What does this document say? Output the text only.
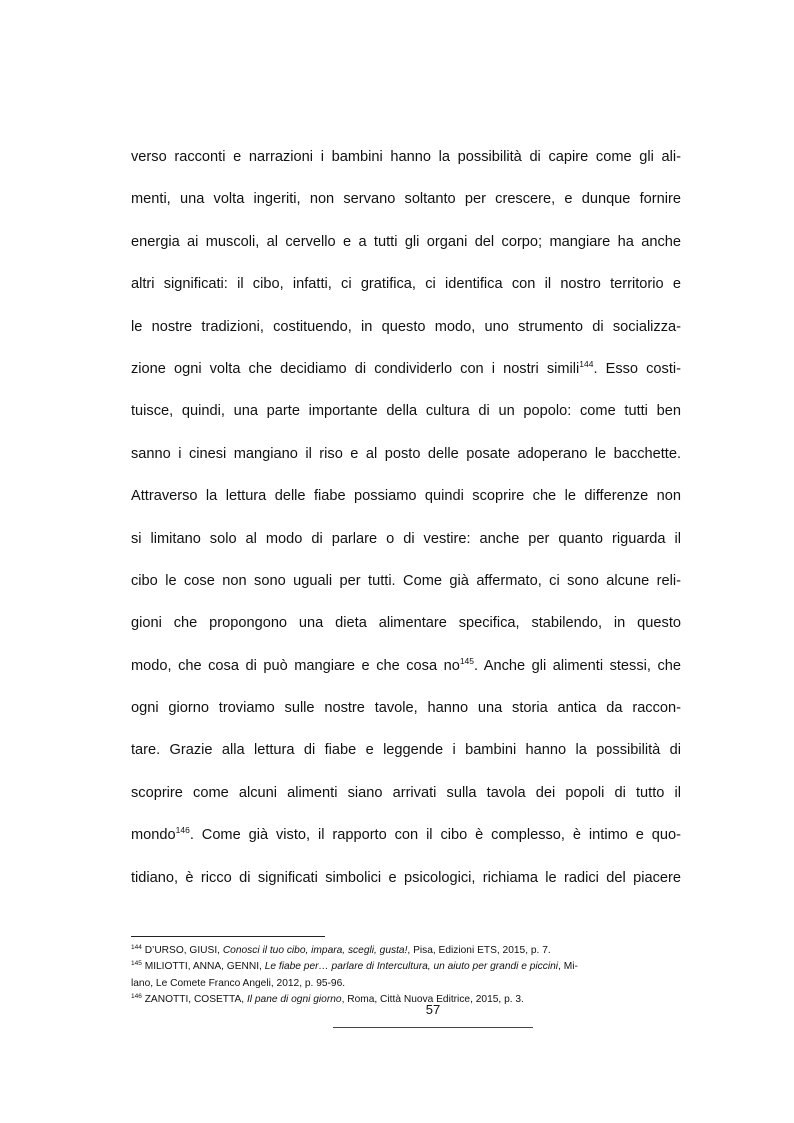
verso racconti e narrazioni i bambini hanno la possibilità di capire come gli ali-
menti, una volta ingeriti, non servano soltanto per crescere, e dunque fornire
energia ai muscoli, al cervello e a tutti gli organi del corpo; mangiare ha anche
altri significati: il cibo, infatti, ci gratifica, ci identifica con il nostro territorio e
le nostre tradizioni, costituendo, in questo modo, uno strumento di socializza-
zione ogni volta che decidiamo di condividerlo con i nostri simili$^{144}$. Esso costi-
tuisce, quindi, una parte importante della cultura di un popolo: come tutti ben
sanno i cinesi mangiano il riso e al posto delle posate adoperano le bacchette.
Attraverso la lettura delle fiabe possiamo quindi scoprire che le differenze non
si limitano solo al modo di parlare o di vestire: anche per quanto riguarda il
cibo le cose non sono uguali per tutti. Come già affermato, ci sono alcune reli-
gioni che propongono una dieta alimentare specifica, stabilendo, in questo
modo, che cosa di può mangiare e che cosa $no^{145}$. Anche gli alimenti stessi, che
ogni giorno troviamo sulle nostre tavole, hanno una storia antica da raccon-
tare. Grazie alla lettura di fiabe e leggende i bambini hanno la possibilità di
scoprire come alcuni alimenti siano arrivati sulla tavola dei popoli di tutto il
mondo$^{146}$. Come già visto, il rapporto con il cibo è complesso, è intimo e quo-
tidiano, è ricco di significati simbolici e psicologici, richiama le radici del piacere
$^{144}$ D’URSO, GIUSI, Conosci il tuo cibo, impara, scegli, gusta!, Pisa, Edizioni ETS, 2015, p. 7.
$^{145}$ MILIOTTI, ANNA, GENNI, Le fiabe per… parlare di Intercultura, un aiuto per grandi e piccini, Mi-
lano, Le Comete Franco Angeli, 2012, p. 95-96.
$^{146}$ ZANOTTI, COSETTA, Il pane di ogni giorno, Roma, Città Nuova Editrice, 2015, p. 3.
57
